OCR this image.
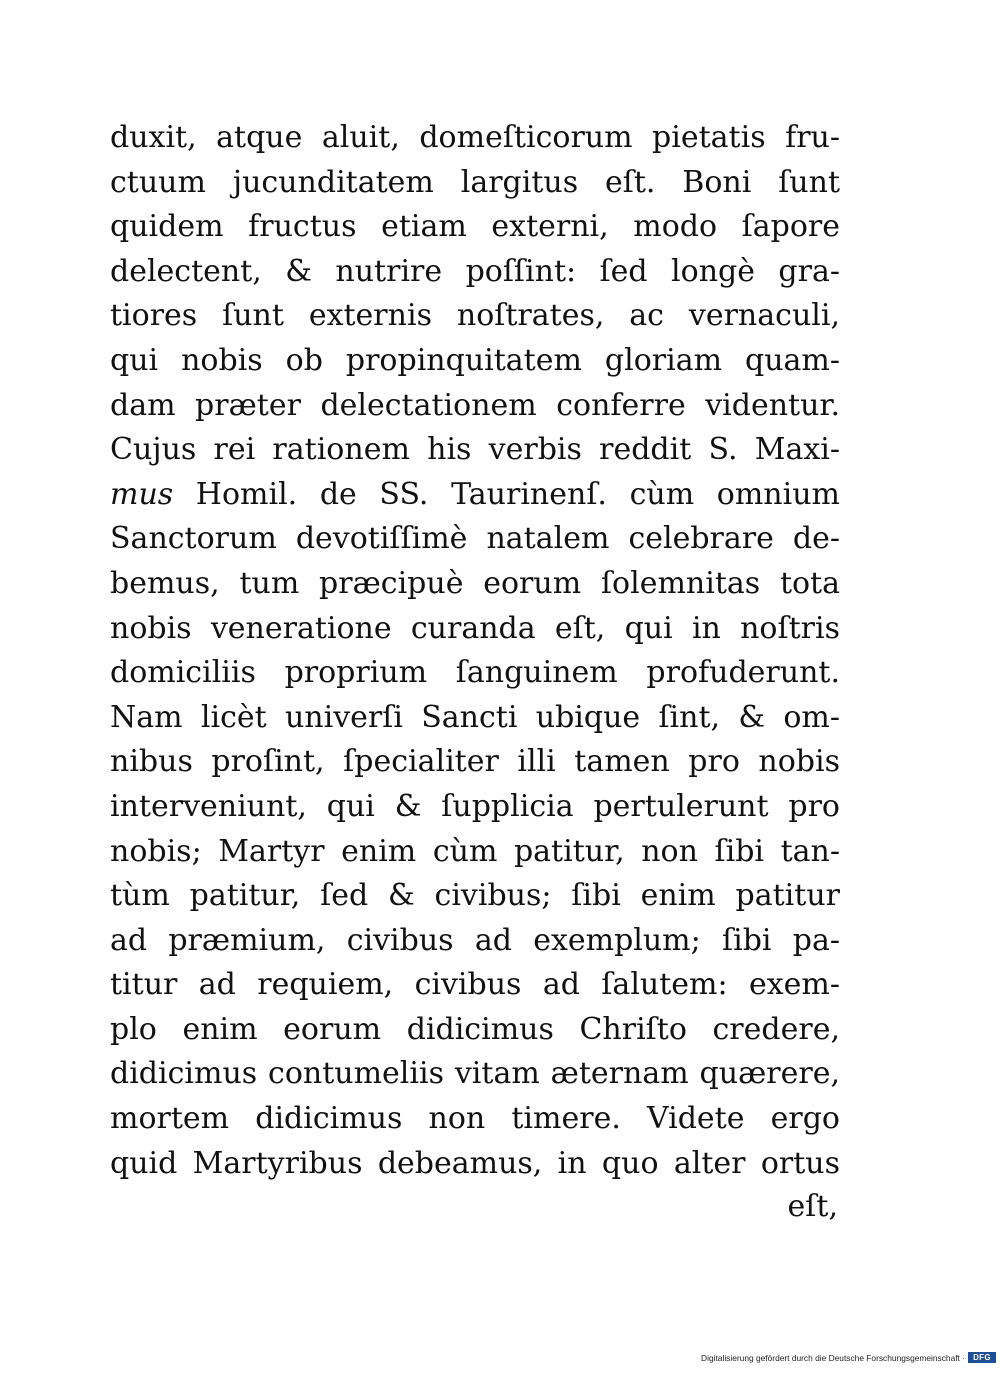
duxit, atque aluit, domeſticorum pietatis fru-
ctuum jucunditatem largitus eſt. Boni ſunt
quidem fructus etiam externi, modo ſapore
delectent, & nutrire poſſint: ſed longè gra-
tiores ſunt externis noſtrates, ac vernaculi,
qui nobis ob propinquitatem gloriam quam-
dam præter delectationem conferre videntur.
Cujus rei rationem his verbis reddit S. Maxi-
mus Homil. de SS. Taurinenſ. cùm omnium
Sanctorum devotiſſimè natalem celebrare de-
bemus, tum præcipuè eorum ſolemnitas tota
nobis veneratione curanda eſt, qui in noſtris
domiciliis proprium ſanguinem profuderunt.
Nam licèt univerſi Sancti ubique ſint, & om-
nibus proſint, ſpecialiter illi tamen pro nobis
interveniunt, qui & ſupplicia pertulerunt pro
nobis; Martyr enim cùm patitur, non ſibi tan-
tùm patitur, ſed & civibus; ſibi enim patitur
ad præmium, civibus ad exemplum; ſibi pa-
titur ad requiem, civibus ad ſalutem: exem-
plo enim eorum didicimus Chriſto credere,
didicimus contumeliis vitam æternam quærere,
mortem didicimus non timere. Videte ergo
quid Martyribus debeamus, in quo alter ortus
eſt,
Digitalisierung gefördert durch die Deutsche Forschungsgemeinschaft ·	DFG
